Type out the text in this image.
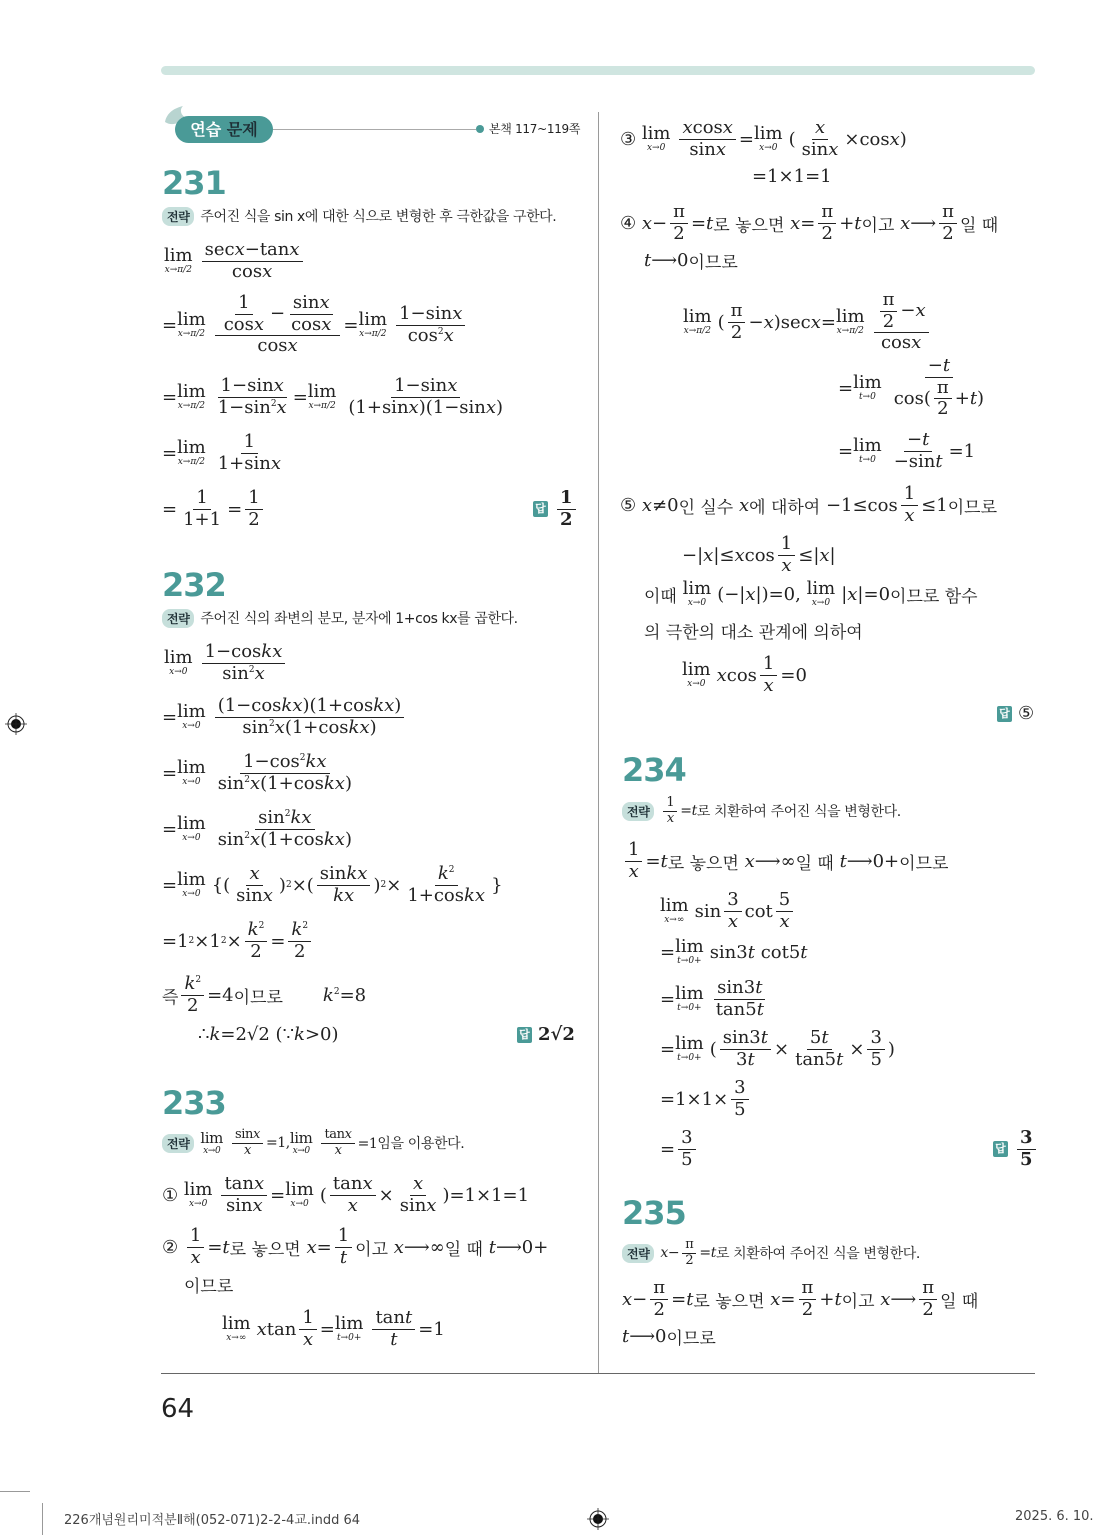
64
226개념원리미적분Ⅱ해(052-071)2-2-4교.indd 64	2025. 6. 10.
연습 문제	본책 117~119쪽
231
전략 주어진 식을 sin x에 대한 식으로 변형한 후 극한값을 구한다.
lim
$x\to\pi/2 \frac{\sec x-\tan x}{\cos x}$
= lim
$x\to\pi/2 \frac{\frac{1}{\cos x} - \frac{\sin x}{\cos x}}{\cos x} = \lim$
$x\to\pi/2 \frac{1-\sin x}{\cos^2x}$
= lim
$x\to\pi/2 \frac{1-\sin x}{1-\sin^2x} = \lim$
$x\to\pi/2 \frac{1-\sin x}{(1+\sin x)(1-\sin x)}$
= lim
$x\to\pi/2 \frac{1}{1+\sin x}$
= $\frac{1}{1+1} = \frac{1}{2}$	답 $\frac{1}{2}$
232
전략 주어진 식의 좌변의 분모, 분자에 1+cos kx를 곱한다.
lim
$x\to 0 \frac{\text{1−coskx}}{\sin^2x}$
= lim
$x\to 0 \frac{\text{(1−coskx)(1+coskx)}}{\sin^2x(1+coskx)}$
= lim
$x\to 0 \frac{1-\cos^2kx}{\sin^2x(1+coskx)}$
= lim
$x\to 0 \frac{\sin^2kx}{\sin^2x(1+coskx)}$
= lim
x→0 {( $\frac{x}{\sin x}$ ) 2 ×( $\frac{\text{sinkx}}{kx}$ ) $2 \times \frac{k^2}{\text{1+coskx}}$ }
=1 2 ×1 $2 \times \frac{k^2}{2} = \frac{k^2}{2}$
즉 $\frac{k^2}{2} =4$ 이므로 $k^2=8$
∴ k =2√2 (∵ k >0)	답 2√2
233
전략 lim
$x\to 0 \frac{\sin x}{x} =1$, lim
$x\to 0 \frac{\tan x}{x} =1$임을 이용한다.
① lim
$x\to 0 \frac{\tan x}{\sin x} = \lim$
x→0 ( $\frac{\tan x}{x} \times \frac{x}{\sin x} )=1\times 1=1$
② $\frac{1}{x} = t$ 로 놓으면
$x = \frac{1}{t}$ 이고
x ⟶∞ 일 때
t ⟶0+
이므로
lim
x→∞ x $\tan \frac{1}{x} = \lim$
$t\to 0+ \frac{\tan t}{t} =1$
③ lim
$x\to 0 \frac{xcosx}{\sin x} = \lim$
x→0 ( $\frac{x}{\sin x} \times\cos$ x )
=1×1=1
④ $x - \frac{\pi}{2} = t$ 로 놓으면
$x = \frac{\pi}{2} + t$ 이고
x ⟶ $\frac{\pi}{2}$ 일 때
t ⟶0 이므로
lim
x→π/2 ( $\frac{\pi}{2} - x$ )sec x = lim
$x\to\pi/2 \frac{\frac{\pi}{2} -x}{\cos x}$
= lim
$t\to 0 \frac{-t}{\cos( \frac{\pi}{2} +t)}$
= lim
$t\to 0 \frac{-t}{-\sin t} =1$
⑤ x ≠0 인 실수
x 에 대하여 $-1\le\cos \frac{1}{x} \le 1$ 이므로
−| x |≤ x $\cos \frac{1}{x}$ ≤| x |
이때
lim
x→0 (−| x |)=0, lim
x→0 | x |=0 이므로 함수
의 극한의 대소 관계에 의하여
lim
x→0 x $\cos \frac{1}{x} =0$
답 ⑤
234
전략	$\frac{1}{x} = t$ 로 치환하여 주어진 식을 변형한다.
$\frac{1}{x} = t$ 로 놓으면
x ⟶∞ 일 때
t ⟶0+ 이므로
lim
x→∞ $\sin \frac{3}{x}$ $\cot \frac{5}{x}$
= lim
t→0+ sin3 t cot5 t
= lim
$t\to 0+ \frac{\sin 3t}{\tan 5t}$
= lim
t→0+ ( $\frac{\sin 3t}{3t} \times \frac{5t}{\tan 5t} \times \frac{3}{5}$ )
$=1\times 1\times \frac{3}{5}$
= $\frac{3}{5}$	답 $\frac{3}{5}$
235
전략 $x - \frac{\pi}{2} = t$ 로 치환하여 주어진 식을 변형한다.
$x - \frac{\pi}{2} = t$ 로 놓으면
$x = \frac{\pi}{2} + t$ 이고
x ⟶ $\frac{\pi}{2}$ 일 때
t ⟶0 이므로
